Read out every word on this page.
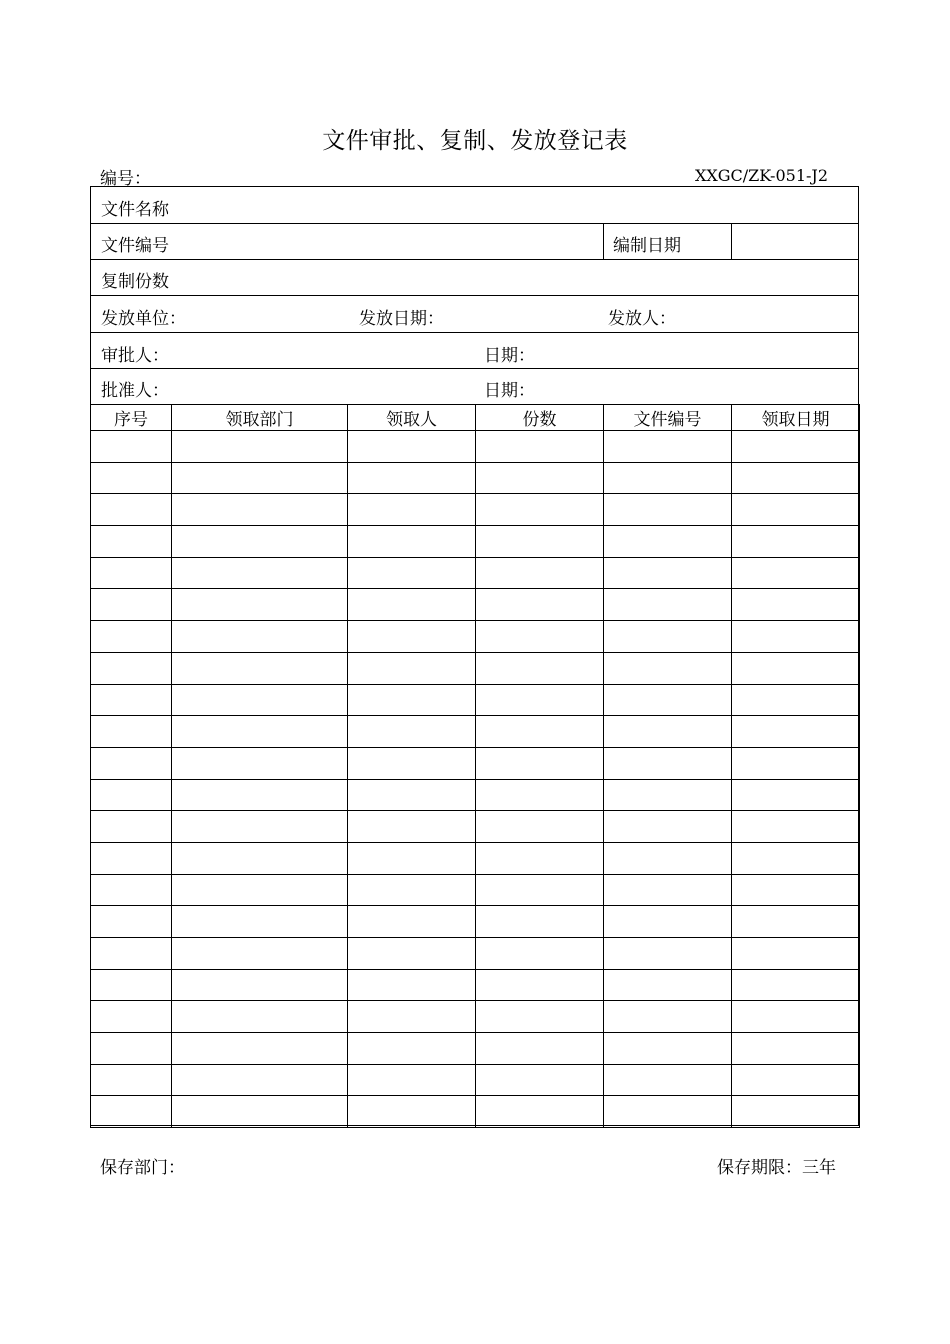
文件审批、复制、发放登记表
编号：	XXGC/ZK-051-J2
文件名称
文件编号	编制日期
复制份数
发放单位：	发放日期：	发放人：
审批人：	日期：
批准人：	日期：
序号	领取部门	领取人	份数	文件编号	领取日期

保存部门：	保存期限：三年
